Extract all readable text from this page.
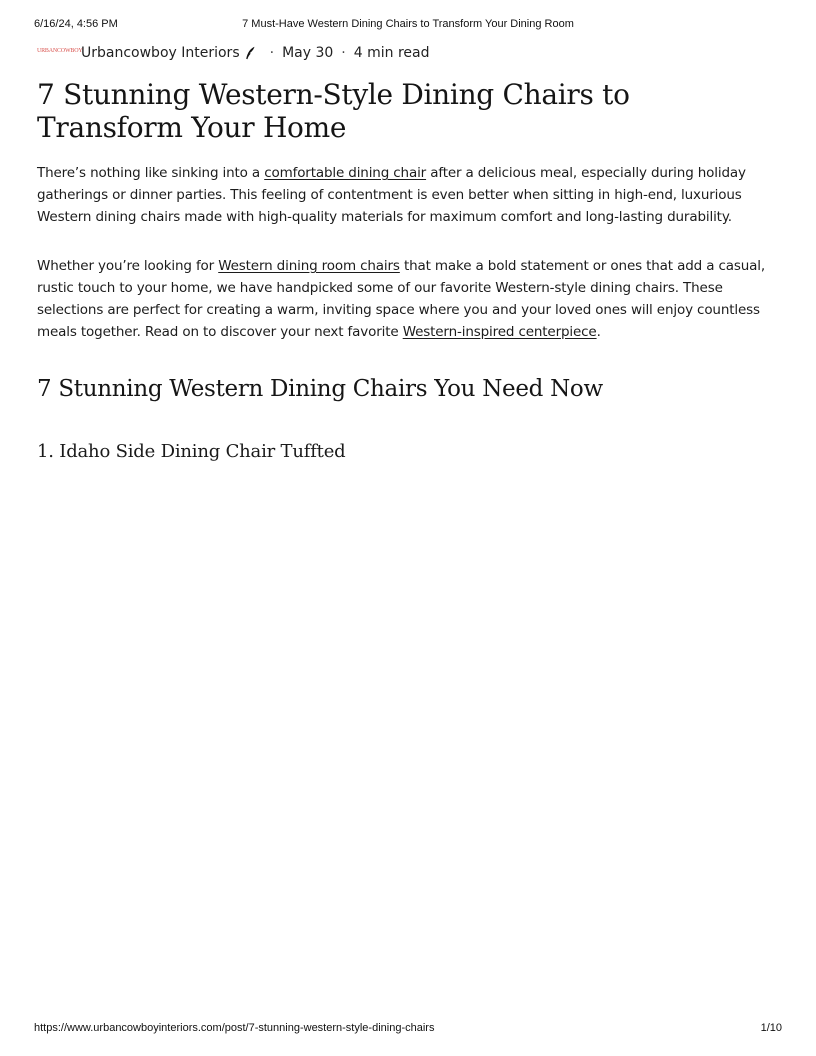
6/16/24, 4:56 PM	7 Must-Have Western Dining Chairs to Transform Your Dining Room
URBANCOWBOY
Urbancowboy Interiors · May 30 · 4 min read
7 Stunning Western-Style Dining Chairs to Transform Your Home

There’s nothing like sinking into a comfortable dining chair after a delicious meal, especially during holiday gatherings or dinner parties. This feeling of contentment is even better when sitting in high-end, luxurious Western dining chairs made with high-quality materials for maximum comfort and long-lasting durability.

Whether you’re looking for Western dining room chairs that make a bold statement or ones that add a casual, rustic touch to your home, we have handpicked some of our favorite Western-style dining chairs. These selections are perfect for creating a warm, inviting space where you and your loved ones will enjoy countless meals together. Read on to discover your next favorite Western-inspired centerpiece.

7 Stunning Western Dining Chairs You Need Now
1. Idaho Side Dining Chair Tuffted
https://www.urbancowboyinteriors.com/post/7-stunning-western-style-dining-chairs	1/10
